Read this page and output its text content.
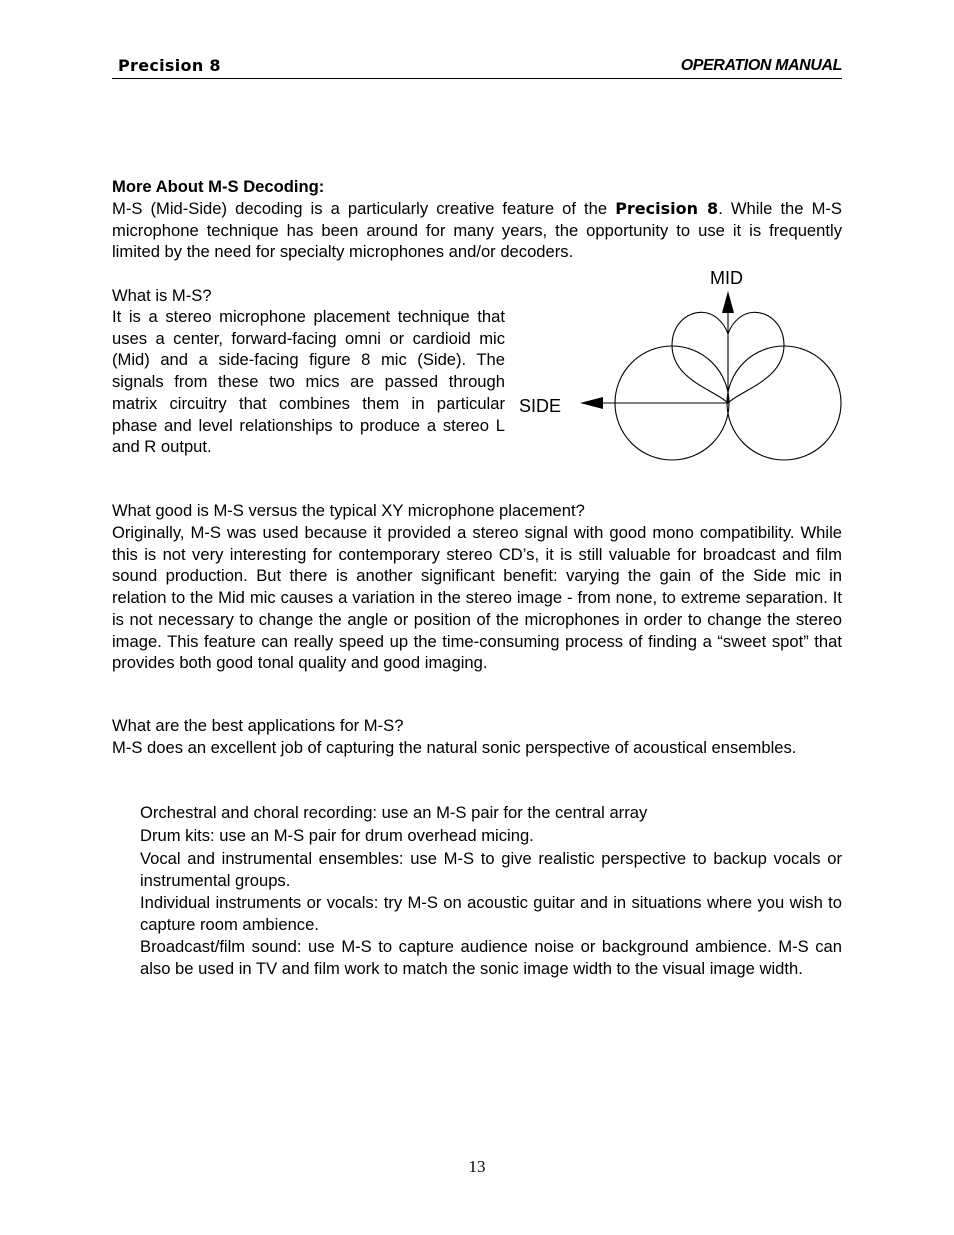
Precision 8	OPERATION MANUAL

More About M-S Decoding:

M-S (Mid-Side) decoding is a particularly creative feature of the Precision 8. While the M-S microphone technique has been around for many years, the opportunity to use it is frequently limited by the need for specialty microphones and/or decoders.

What is M-S?

It is a stereo microphone placement technique that uses a center, forward-facing omni or cardioid mic (Mid) and a side-facing figure 8 mic (Side). The signals from these two mics are passed through matrix circuitry that combines them in particular phase and level relationships to produce a stereo L and R output.

MID
SIDE

What good is M-S versus the typical XY microphone placement?

Originally, M-S was used because it provided a stereo signal with good mono compatibility. While this is not very interesting for contemporary stereo CD’s, it is still valuable for broadcast and film sound production. But there is another significant benefit: varying the gain of the Side mic in relation to the Mid mic causes a variation in the stereo image - from none, to extreme separation. It is not necessary to change the angle or position of the microphones in order to change the stereo image. This feature can really speed up the time-consuming process of finding a “sweet spot” that provides both good tonal quality and good imaging.

What are the best applications for M-S?

M-S does an excellent job of capturing the natural sonic perspective of acoustical ensembles.

Orchestral and choral recording: use an M-S pair for the central array

Drum kits: use an M-S pair for drum overhead micing.

Vocal and instrumental ensembles: use M-S to give realistic perspective to backup vocals or instrumental groups.

Individual instruments or vocals: try M-S on acoustic guitar and in situations where you wish to capture room ambience.

Broadcast/film sound: use M-S to capture audience noise or background ambience. M-S can also be used in TV and film work to match the sonic image width to the visual image width.

13
